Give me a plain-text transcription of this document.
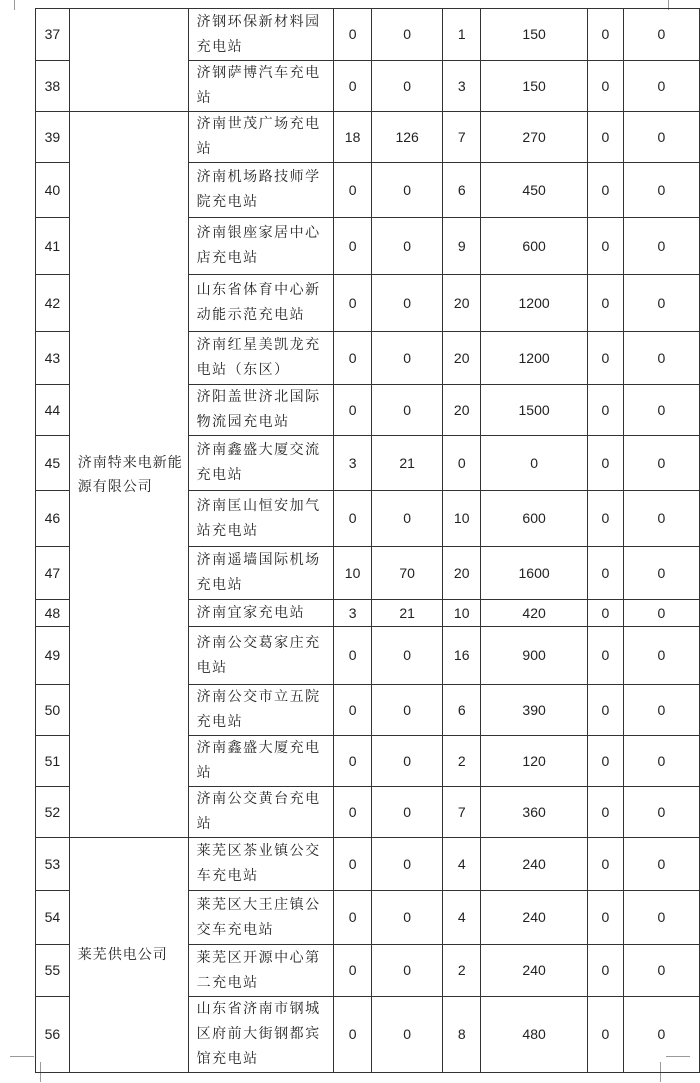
37		济钢环保新材料园充电站	0	0	1	150	0	0
38		济钢萨博汽车充电站	0	0	3	150	0	0
39	济南特来电新能源有限公司	济南世茂广场充电站	18	126	7	270	0	0
40		济南机场路技师学院充电站	0	0	6	450	0	0
41		济南银座家居中心店充电站	0	0	9	600	0	0
42		山东省体育中心新动能示范充电站	0	0	20	1200	0	0
43		济南红星美凯龙充电站（东区）	0	0	20	1200	0	0
44		济阳盖世济北国际物流园充电站	0	0	20	1500	0	0
45		济南鑫盛大厦交流充电站	3	21	0	0	0	0
46		济南匡山恒安加气站充电站	0	0	10	600	0	0
47		济南遥墙国际机场充电站	10	70	20	1600	0	0
48		济南宜家充电站	3	21	10	420	0	0
49		济南公交葛家庄充电站	0	0	16	900	0	0
50		济南公交市立五院充电站	0	0	6	390	0	0
51		济南鑫盛大厦充电站	0	0	2	120	0	0
52		济南公交黄台充电站	0	0	7	360	0	0
53	莱芜供电公司	莱芜区茶业镇公交车充电站	0	0	4	240	0	0
54		莱芜区大王庄镇公交车充电站	0	0	4	240	0	0
55		莱芜区开源中心第二充电站	0	0	2	240	0	0
56		山东省济南市钢城区府前大街钢都宾馆充电站	0	0	8	480	0	0
